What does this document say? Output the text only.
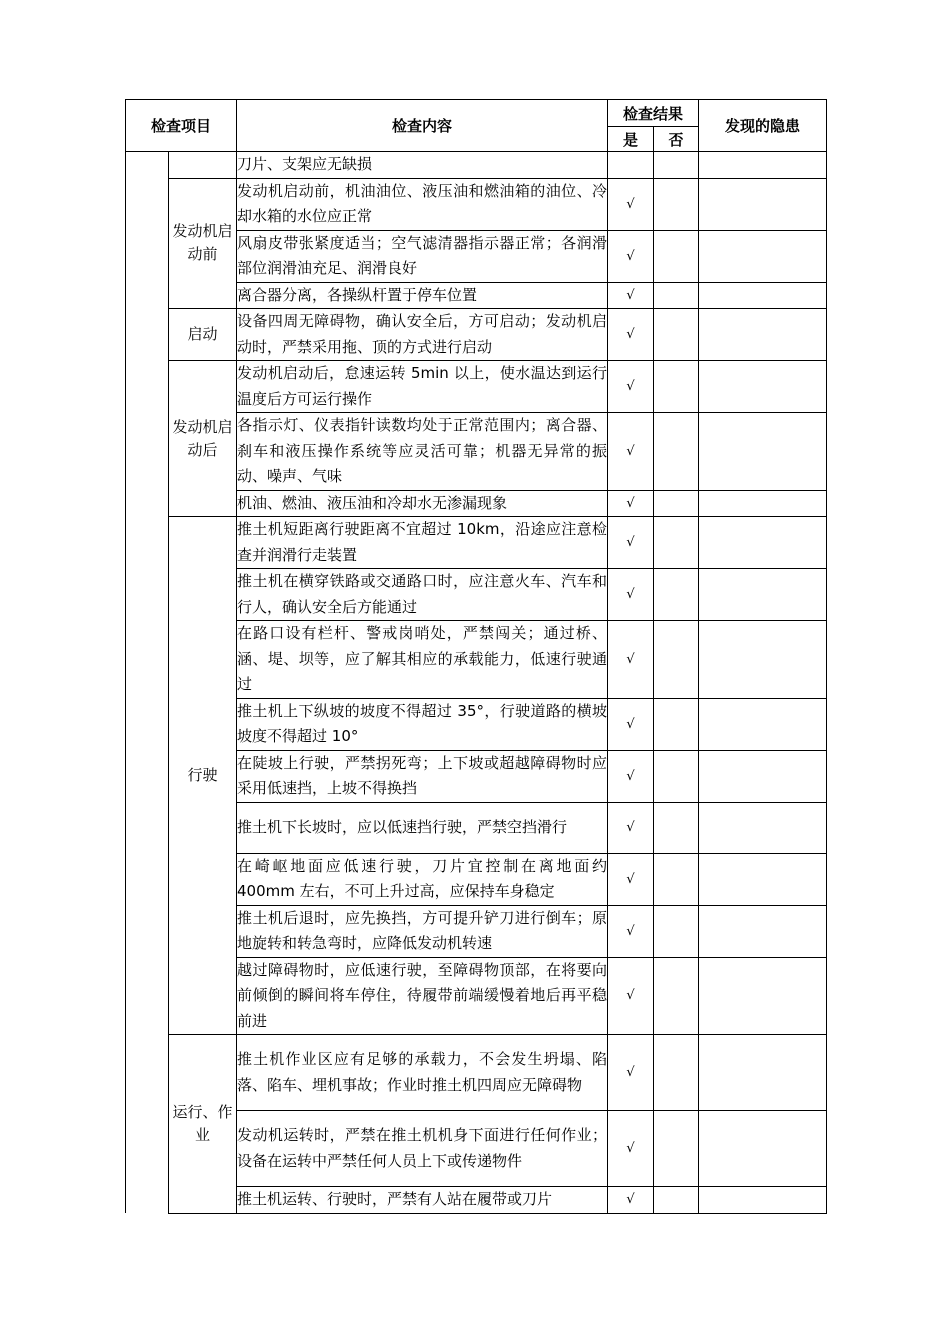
检查项目		检查内容	检查结果		发现的隐患
			是	否	
		刀片、支架应无缺损			
	发动机启动前	发动机启动前，机油油位、液压油和燃油箱的油位、冷却水箱的水位应正常	√		
		风扇皮带张紧度适当；空气滤清器指示器正常；各润滑部位润滑油充足、润滑良好	√		
		离合器分离，各操纵杆置于停车位置	√		
	启动	设备四周无障碍物，确认安全后，方可启动；发动机启动时，严禁采用拖、顶的方式进行启动	√		
	发动机启动后	发动机启动后，怠速运转 5min 以上，使水温达到运行温度后方可运行操作	√		
		各指示灯、仪表指针读数均处于正常范围内；离合器、刹车和液压操作系统等应灵活可靠；机器无异常的振动、噪声、气味	√		
		机油、燃油、液压油和冷却水无渗漏现象	√		
	行驶	推土机短距离行驶距离不宜超过 10km，沿途应注意检查并润滑行走装置	√		
		推土机在横穿铁路或交通路口时，应注意火车、汽车和行人，确认安全后方能通过	√		
		在路口设有栏杆、警戒岗哨处，严禁闯关；通过桥、涵、堤、坝等，应了解其相应的承载能力，低速行驶通过	√		
		推土机上下纵坡的坡度不得超过 35°，行驶道路的横坡坡度不得超过 10°	√		
		在陡坡上行驶，严禁拐死弯；上下坡或超越障碍物时应采用低速挡，上坡不得换挡	√		
		推土机下长坡时，应以低速挡行驶，严禁空挡滑行	√		
		在崎岖地面应低速行驶，刀片宜控制在离地面约 400mm 左右，不可上升过高，应保持车身稳定	√		
		推土机后退时，应先换挡，方可提升铲刀进行倒车；原地旋转和转急弯时，应降低发动机转速	√		
		越过障碍物时，应低速行驶，至障碍物顶部，在将要向前倾倒的瞬间将车停住，待履带前端缓慢着地后再平稳前进	√		
	运行、作业	推土机作业区应有足够的承载力，不会发生坍塌、陷落、陷车、埋机事故；作业时推土机四周应无障碍物	√		
		发动机运转时，严禁在推土机机身下面进行任何作业；设备在运转中严禁任何人员上下或传递物件	√		
		推土机运转、行驶时，严禁有人站在履带或刀片	√		
